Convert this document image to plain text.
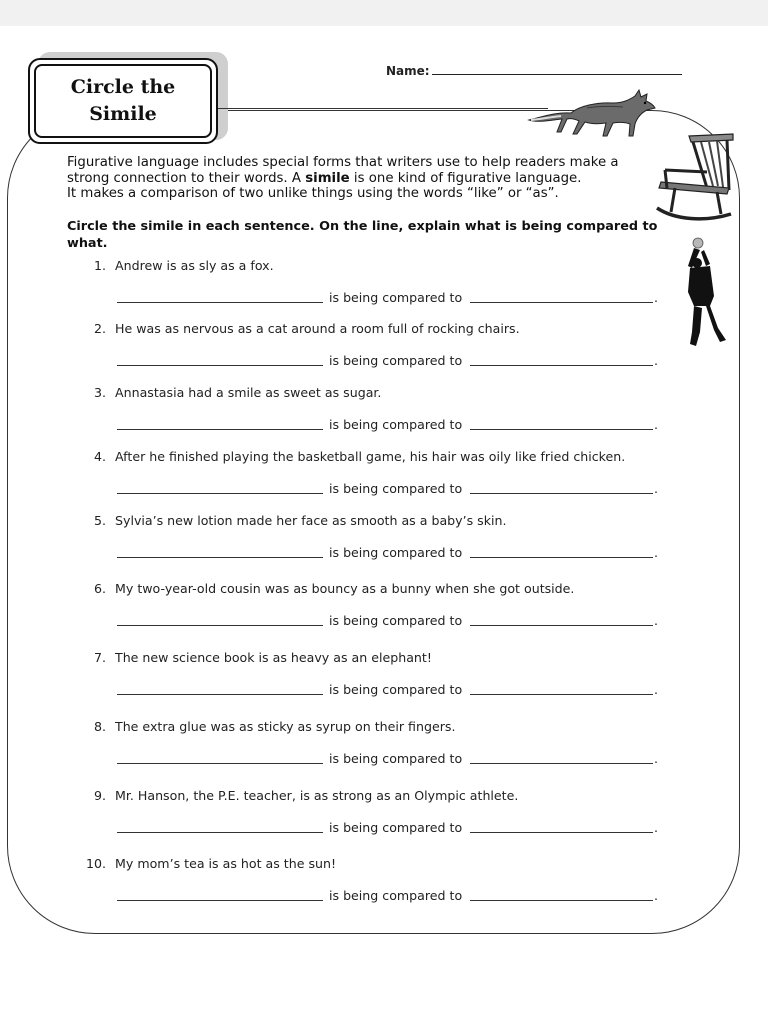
Circle the
Simile
Name:
Figurative language includes special forms that writers use to help readers make a strong connection to their words. A simile is one kind of figurative language.
It makes a comparison of two unlike things using the words “like” or “as”.
Circle the simile in each sentence. On the line, explain what is being compared to what.
1. Andrew is as sly as a fox.
is being compared to	.
2. He was as nervous as a cat around a room full of rocking chairs.
is being compared to	.
3. Annastasia had a smile as sweet as sugar.
is being compared to	.
4. After he finished playing the basketball game, his hair was oily like fried chicken.
is being compared to	.
5. Sylvia’s new lotion made her face as smooth as a baby’s skin.
is being compared to	.
6. My two-year-old cousin was as bouncy as a bunny when she got outside.
is being compared to	.
7. The new science book is as heavy as an elephant!
is being compared to	.
8. The extra glue was as sticky as syrup on their fingers.
is being compared to	.
9. Mr. Hanson, the P.E. teacher, is as strong as an Olympic athlete.
is being compared to	.
10. My mom’s tea is as hot as the sun!
is being compared to	.
